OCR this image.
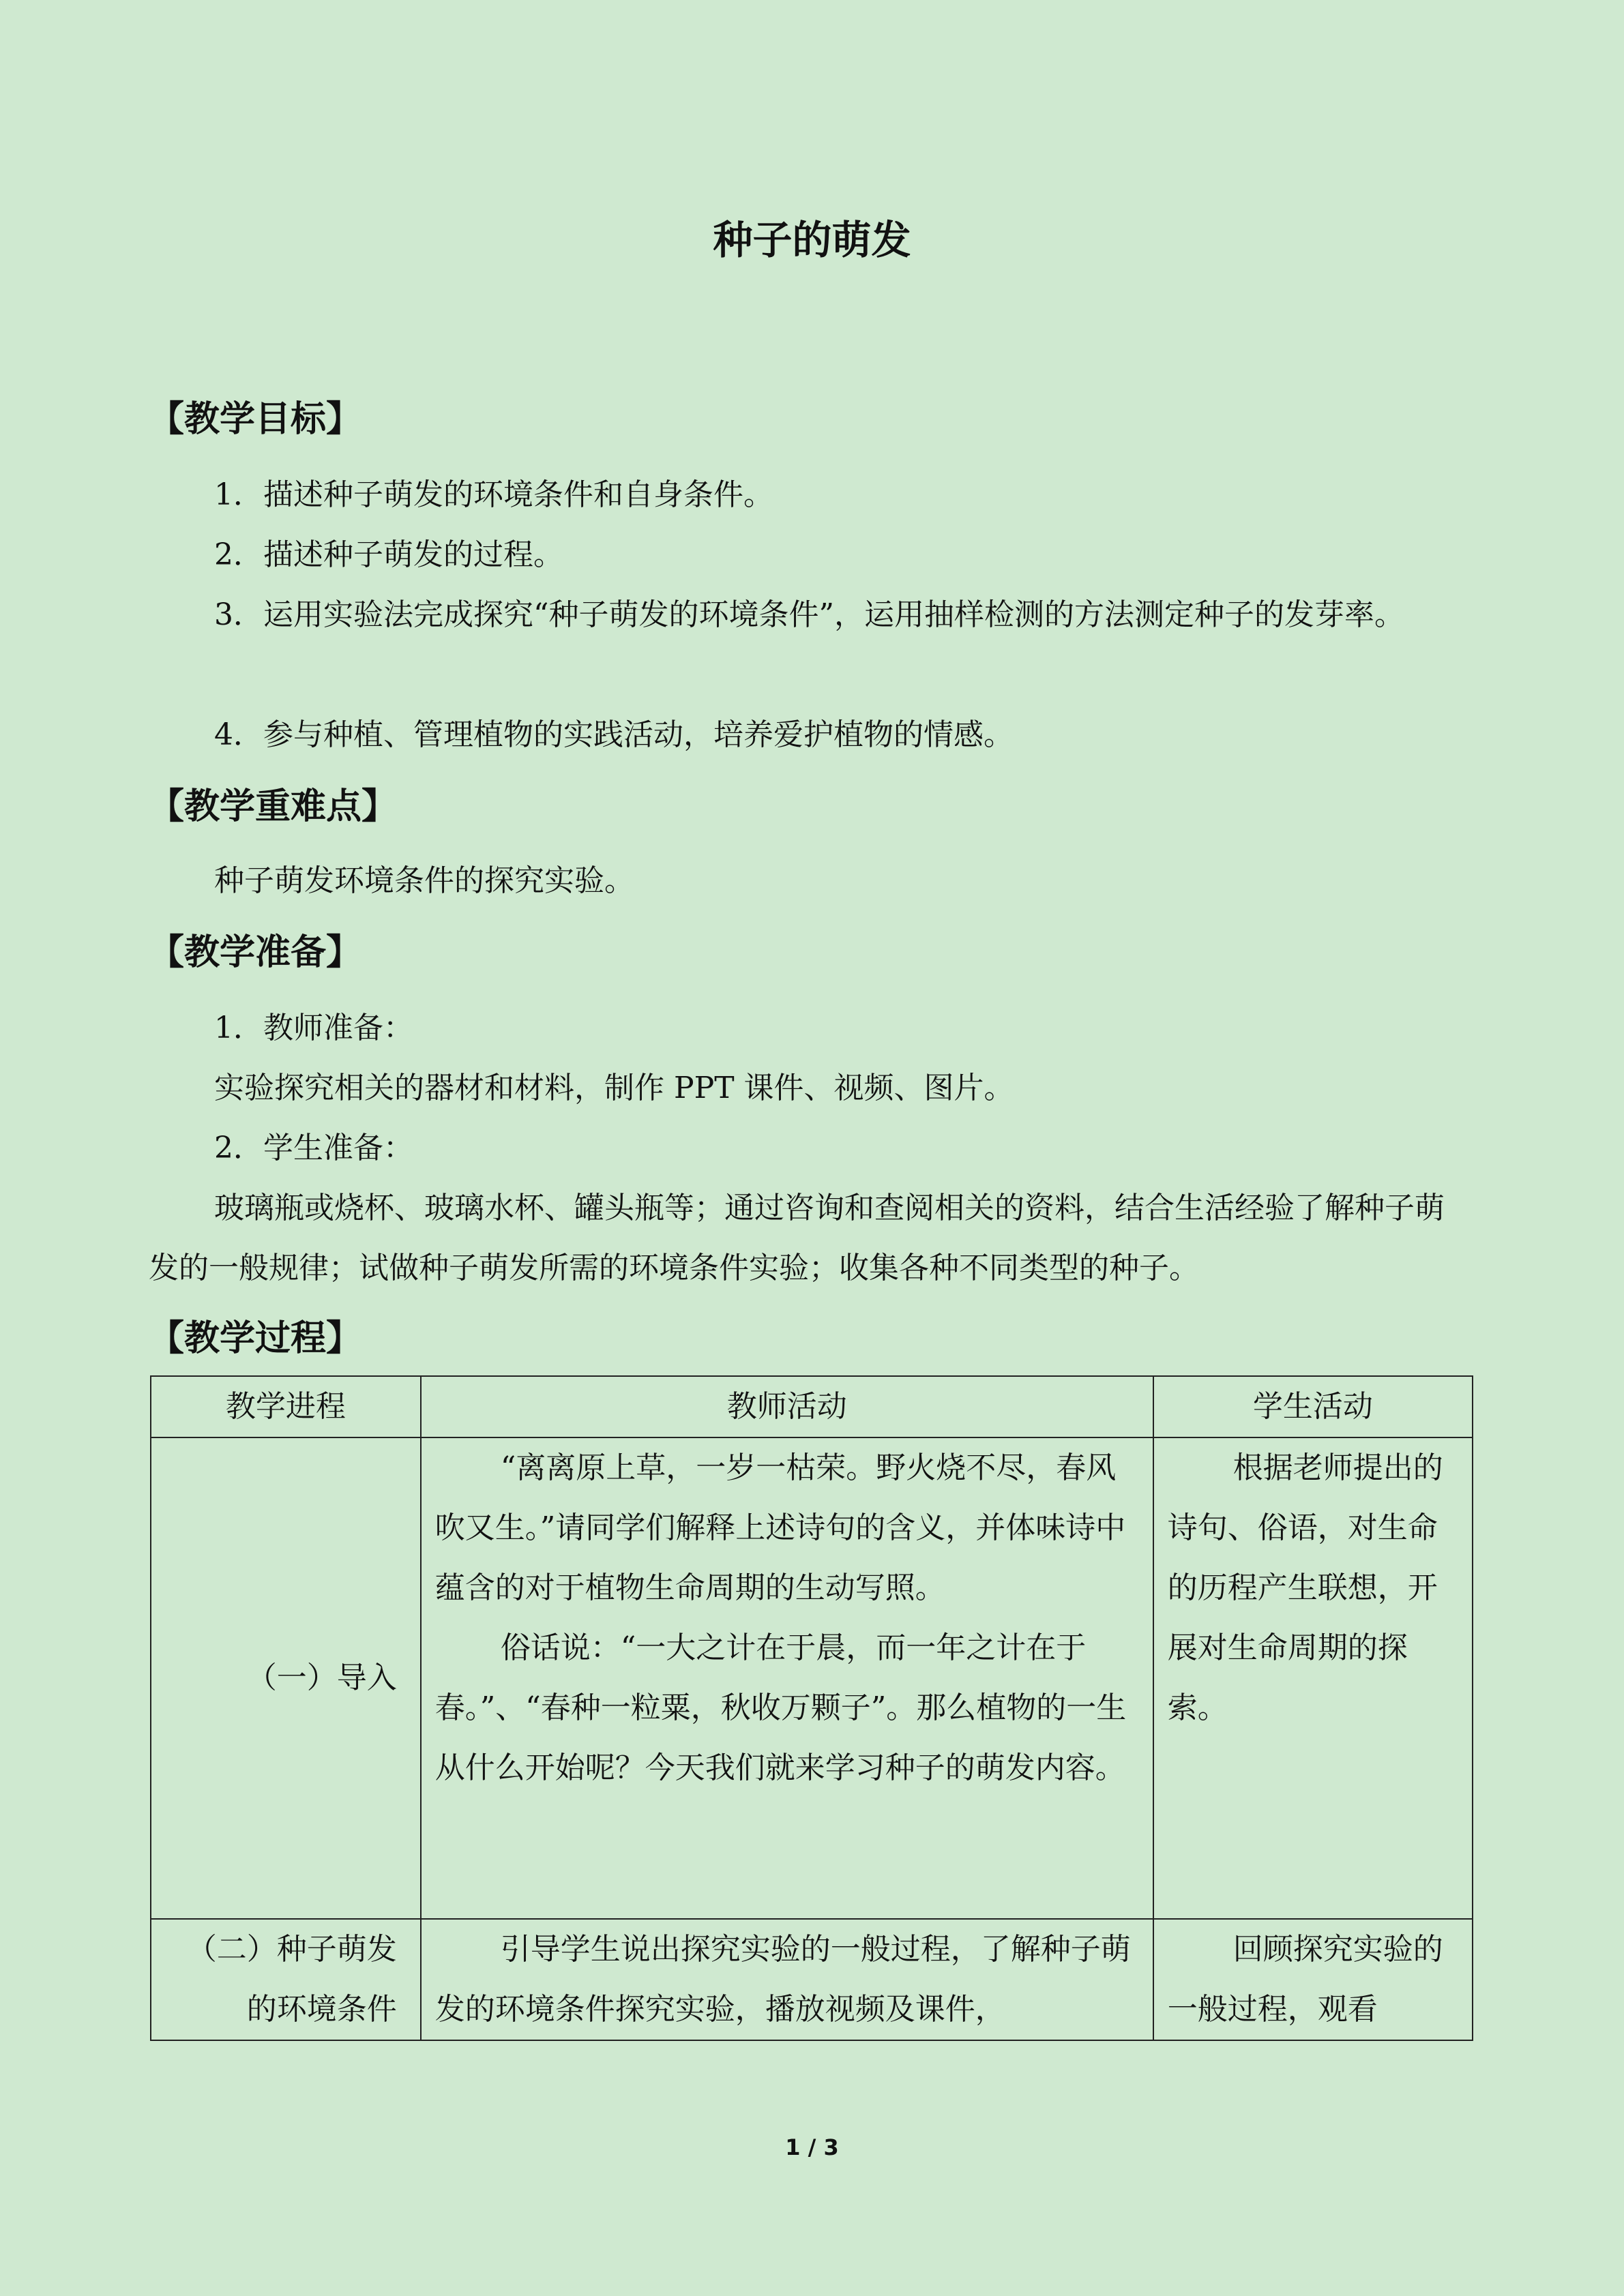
种子的萌发
【教学目标】
1．描述种子萌发的环境条件和自身条件。
2．描述种子萌发的过程。
3．运用实验法完成探究“种子萌发的环境条件”，运用抽样检测的方法测定种子的发芽率。
4．参与种植、管理植物的实践活动，培养爱护植物的情感。
【教学重难点】
种子萌发环境条件的探究实验。
【教学准备】
1．教师准备：
实验探究相关的器材和材料，制作 PPT 课件、视频、图片。
2．学生准备：
玻璃瓶或烧杯、玻璃水杯、罐头瓶等；通过咨询和查阅相关的资料，结合生活经验了解种子萌发的一般规律；试做种子萌发所需的环境条件实验；收集各种不同类型的种子。
【教学过程】
教学进程	教师活动	学生活动
（一）导入	“离离原上草，一岁一枯荣。野火烧不尽，春风吹又生。”请同学们解释上述诗句的含义，并体味诗中蕴含的对于植物生命周期的生动写照。

俗话说：“一大之计在于晨，而一年之计在于春。”、“春种一粒粟，秋收万颗子”。那么植物的一生从什么开始呢？今天我们就来学习种子的萌发内容。	根据老师提出的诗句、俗语，对生命的历程产生联想，开展对生命周期的探索。

（二）种子萌发的环境条件	引导学生说出探究实验的一般过程，了解种子萌发的环境条件探究实验，播放视频及课件，	回顾探究实验的一般过程，观看

1 / 3
